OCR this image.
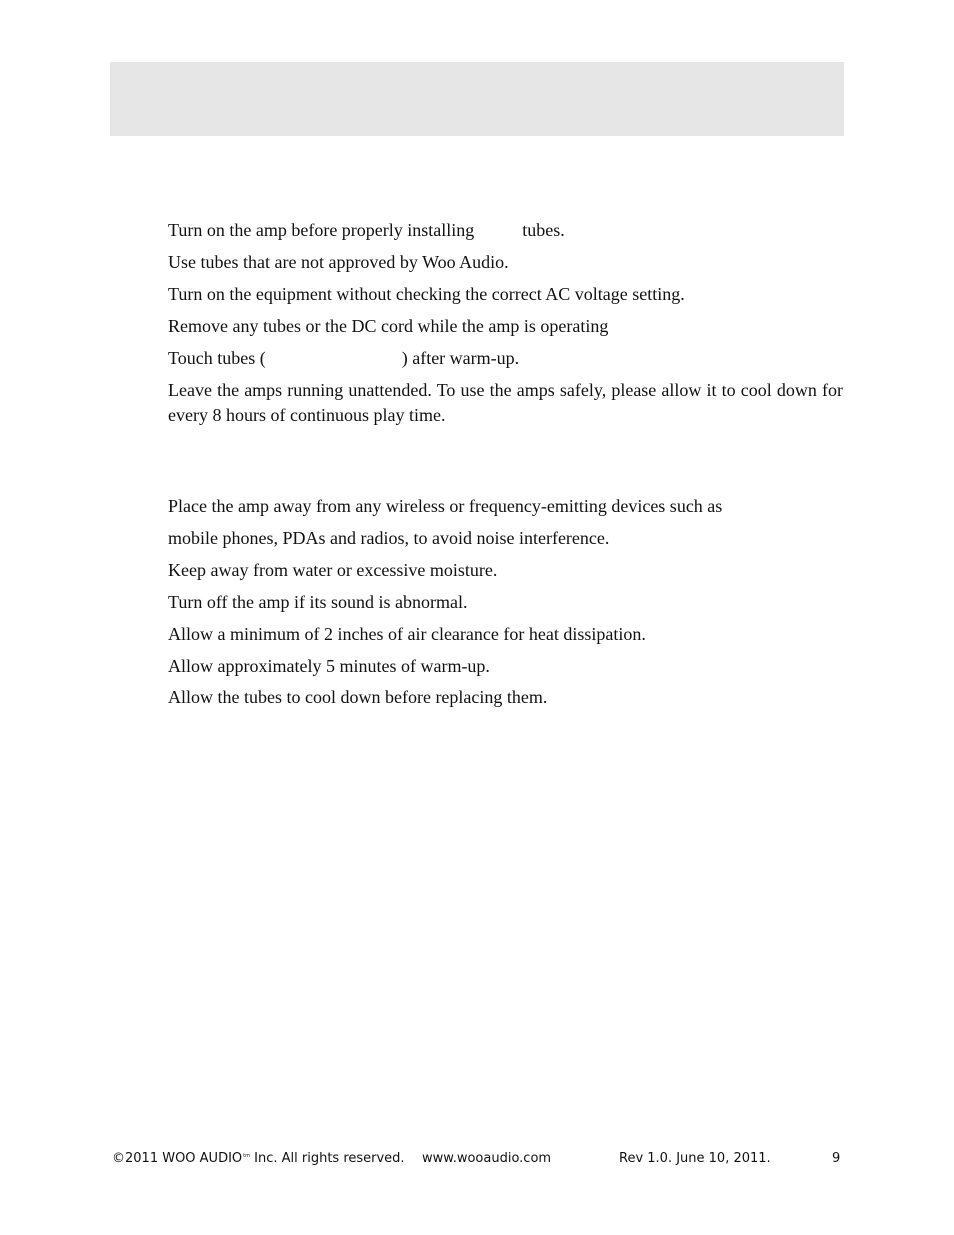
Turn on the amp before properly installing	tubes.
Use tubes that are not approved by Woo Audio.
Turn on the equipment without checking the correct AC voltage setting.
Remove any tubes or the DC cord while the amp is operating
Touch tubes (	) after warm-up.
Leave the amps running unattended. To use the amps safely, please allow it to cool down for every 8 hours of continuous play time.
Place the amp away from any wireless or frequency-emitting devices such as
mobile phones, PDAs and radios, to avoid noise interference.
Keep away from water or excessive moisture.
Turn off the amp if its sound is abnormal.
Allow a minimum of 2 inches of air clearance for heat dissipation.
Allow approximately 5 minutes of warm-up.
Allow the tubes to cool down before replacing them.
©2011 WOO $AUDIO^{tm}$ Inc. All rights reserved. www.wooaudio.com	Rev 1.0. June 10, 2011.	9
